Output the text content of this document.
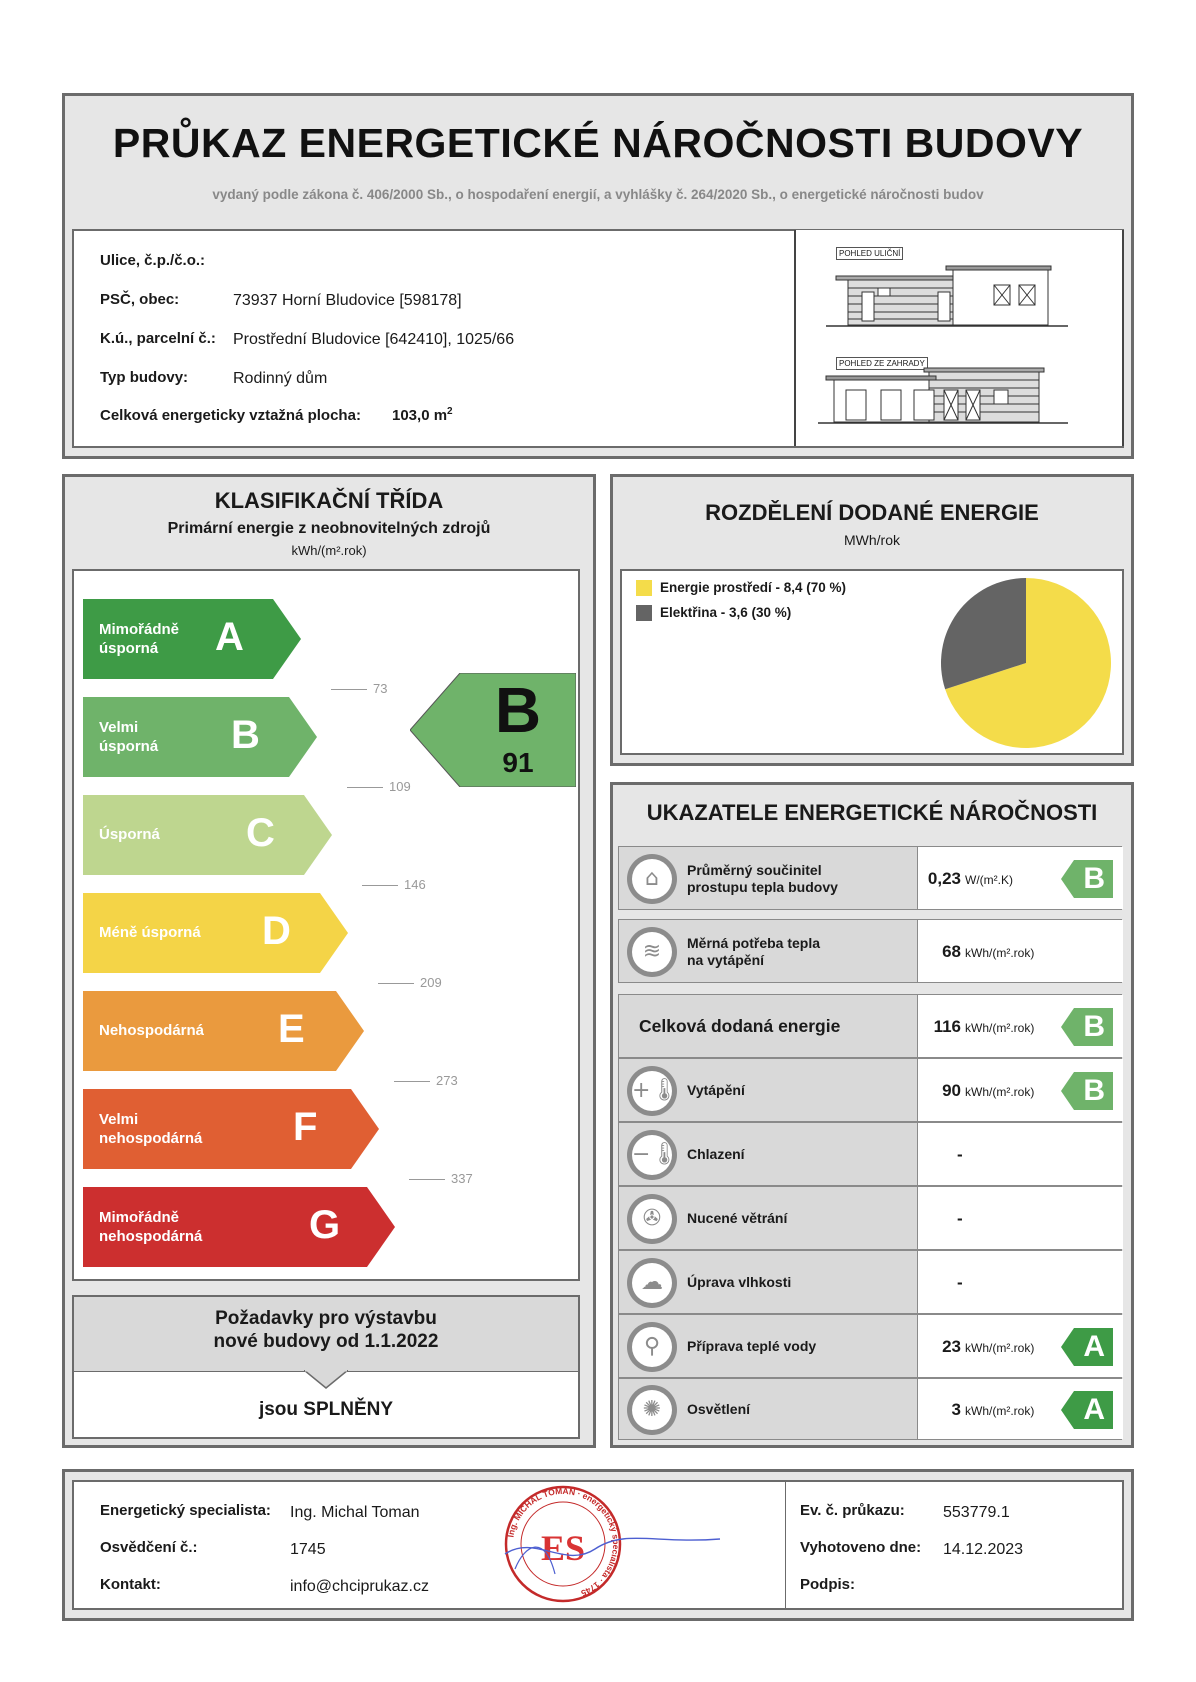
PRŮKAZ ENERGETICKÉ NÁROČNOSTI BUDOVY
vydaný podle zákona č. 406/2000 Sb., o hospodaření energií, a vyhlášky č. 264/2020 Sb., o energetické náročnosti budov
Ulice, č.p./č.o.:
PSČ, obec:	73937 Horní Bludovice [598178]
K.ú., parcelní č.: Prostřední Bludovice [642410], 1025/66
Typ budovy:	Rodinný dům
Celková energeticky vztažná plocha: 103,0 $m^2$
POHLED ULIČNÍ
POHLED ZE ZAHRADY
KLASIFIKAČNÍ TŘÍDA
Primární energie z neobnovitelných zdrojů
kWh/(m².rok)
Mimořádně
úsporná	A
Velmi
úsporná B
Úsporná C
Méně úsporná D
Nehospodárná E
Velmi
nehospodárná F
Mimořádně
nehospodárná	G
73
109
146
209
273
337
B
91
Požadavky pro výstavbu
nové budovy od 1.1.2022
jsou SPLNĚNY
ROZDĚLENÍ DODANÉ ENERGIE
MWh/rok
Energie prostředí - 8,4 (70 %)
Elektřina - 3,6 (30 %)
UKAZATELE ENERGETICKÉ NÁROČNOSTI
⌂	Průměrný součinitel
prostupu tepla budovy	0,23 W/(m².K) B
≋	Měrná potřeba tepla
na vytápění	68 kWh/(m².rok)
Celková dodaná energie	116 kWh/(m².rok) B
+🌡 Vytápění	90 kWh/(m².rok) B
−🌡 Chlazení	-
✇	Nucené větrání	-
☁	Úprava vlhkosti	-
⚲	Příprava teplé vody	23 kWh/(m².rok) A
✺	Osvětlení	3 kWh/(m².rok) A
Energetický specialista: Ing. Michal Toman
Osvědčení č.:	1745
Kontakt:	info@chciprukaz.cz
Ev. č. průkazu: 553779.1
Vyhotoveno dne: 14.12.2023
Podpis:
Ing. MICHAL TOMAN · energetický specialista · 1745
ES
